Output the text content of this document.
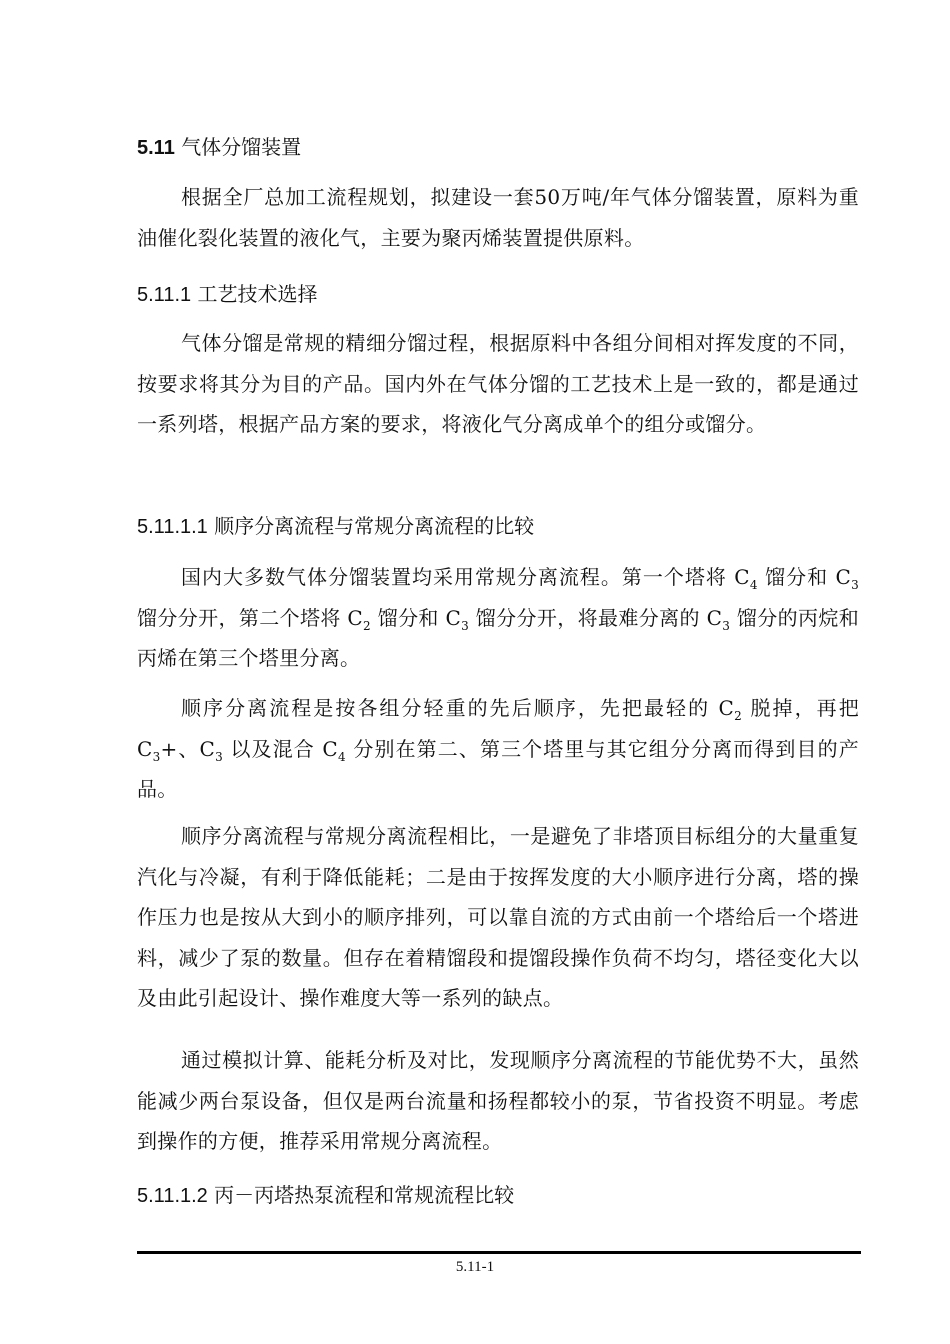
5.11 气体分馏装置

根据全厂总加工流程规划，拟建设一套50万吨/年气体分馏装置，原料为重油催化裂化装置的液化气，主要为聚丙烯装置提供原料。

5.11.1 工艺技术选择

气体分馏是常规的精细分馏过程，根据原料中各组分间相对挥发度的不同，按要求将其分为目的产品。国内外在气体分馏的工艺技术上是一致的，都是通过一系列塔，根据产品方案的要求，将液化气分离成单个的组分或馏分。

5.11.1.1 顺序分离流程与常规分离流程的比较

国内大多数气体分馏装置均采用常规分离流程。第一个塔将 $C_4$ 馏分和 $C_3$ 馏分分开，第二个塔将 $C_2$ 馏分和 $C_3$ 馏分分开，将最难分离的 $C_3$ 馏分的丙烷和丙烯在第三个塔里分离。

顺序分离流程是按各组分轻重的先后顺序，先把最轻的 $C_2$ 脱掉，再把$C_3+$、$C_3$ 以及混合 $C_4$ 分别在第二、第三个塔里与其它组分分离而得到目的产品。

顺序分离流程与常规分离流程相比，一是避免了非塔顶目标组分的大量重复汽化与冷凝，有利于降低能耗；二是由于按挥发度的大小顺序进行分离，塔的操作压力也是按从大到小的顺序排列，可以靠自流的方式由前一个塔给后一个塔进料，减少了泵的数量。但存在着精馏段和提馏段操作负荷不均匀，塔径变化大以及由此引起设计、操作难度大等一系列的缺点。

通过模拟计算、能耗分析及对比，发现顺序分离流程的节能优势不大，虽然能减少两台泵设备，但仅是两台流量和扬程都较小的泵，节省投资不明显。考虑到操作的方便，推荐采用常规分离流程。

5.11.1.2 丙－丙塔热泵流程和常规流程比较
5.11-1
